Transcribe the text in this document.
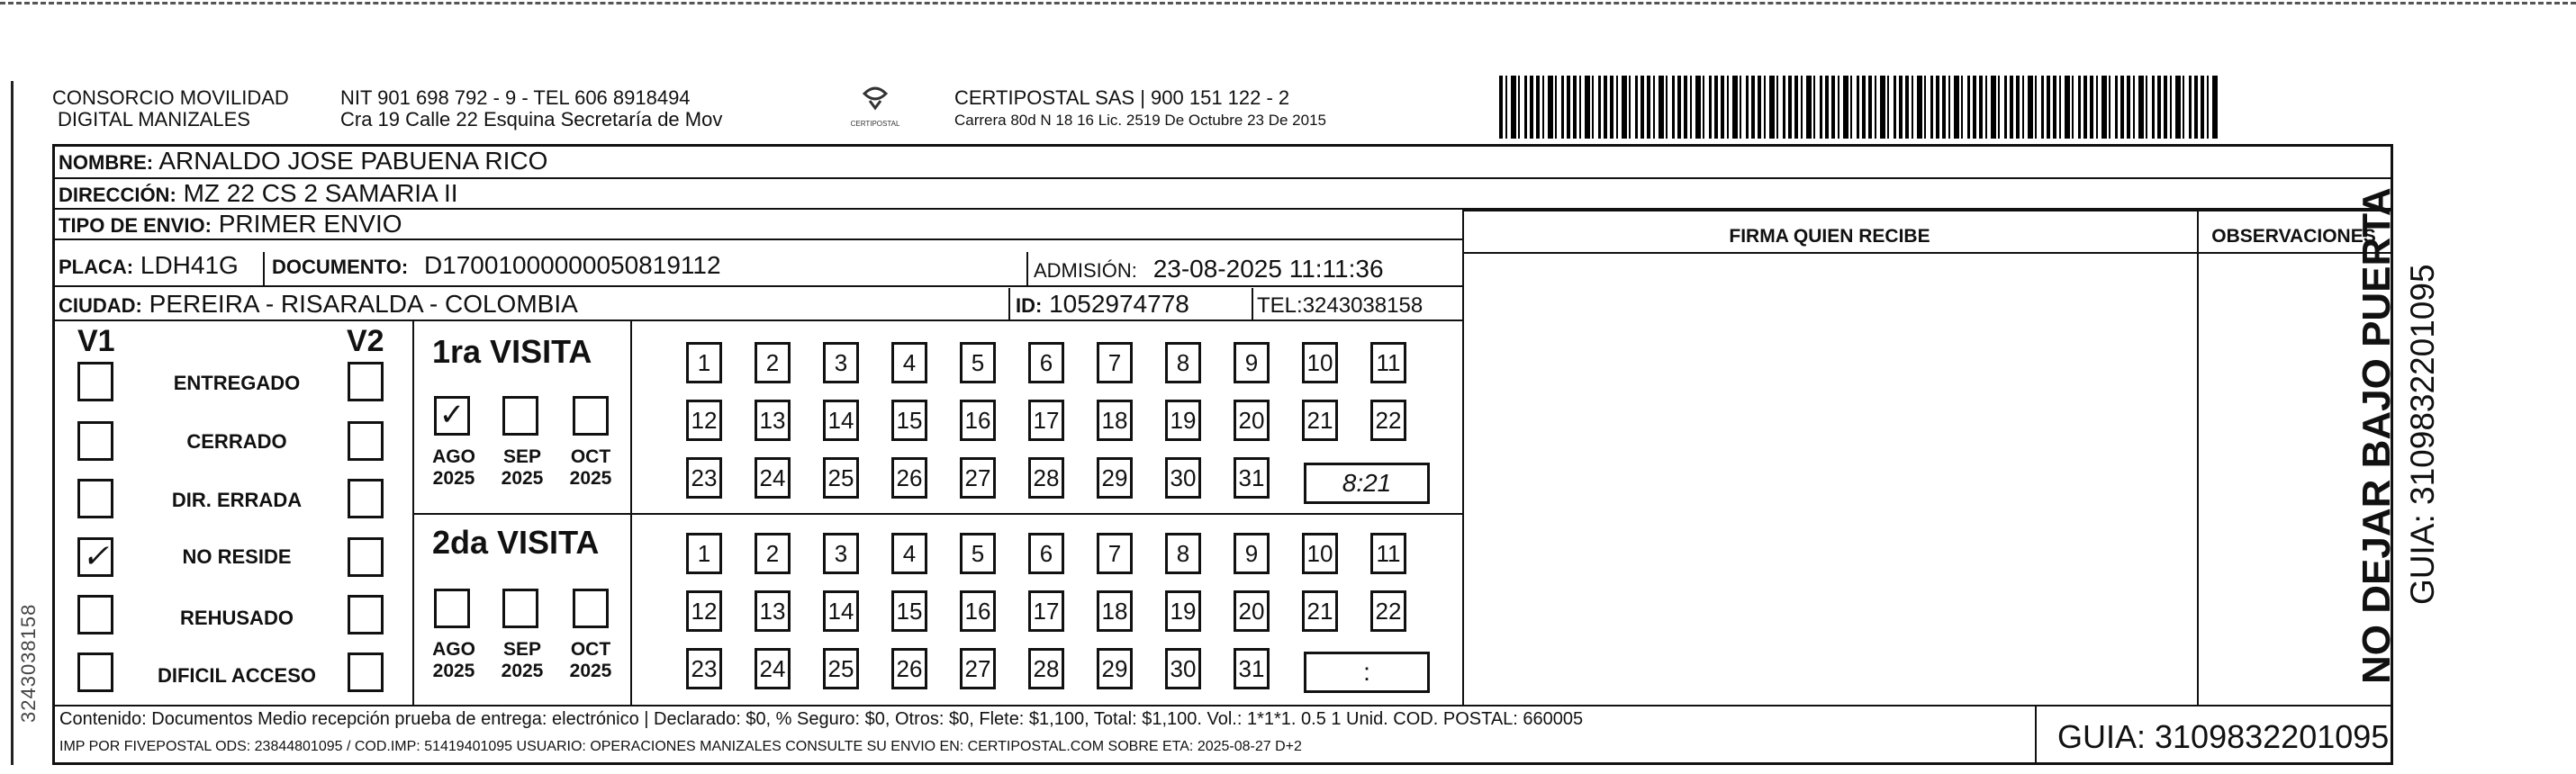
3243038158
CONSORCIO MOVILIDAD
DIGITAL MANIZALES
NIT 901 698 792 - 9 - TEL 606 8918494
Cra 19 Calle 22 Esquina Secretaría de Mov	CERTIPOSTAL
CERTIPOSTAL SAS | 900 151 122 - 2
Carrera 80d N 18 16 Lic. 2519 De Octubre 23 De 2015
NOMBRE: ARNALDO JOSE PABUENA RICO
DIRECCIÓN: MZ 22 CS 2 SAMARIA II
TIPO DE ENVIO: PRIMER ENVIO
PLACA: LDH41G DOCUMENTO: D17001000000050819112	ADMISIÓN: 23-08-2025 11:11:36
CIUDAD: PEREIRA - RISARALDA - COLOMBIA	ID: 1052974778	TEL:3243038158
FIRMA QUIEN RECIBE	OBSERVACIONES
V1	V2
ENTREGADO
CERRADO
DIR. ERRADA
✓	NO RESIDE
REHUSADO
DIFICIL ACCESO
1ra VISITA
✓
AGO
2025
SEP
2025
OCT
2025
1	2	3	4	5	6	7	8	9	10 11
12 13 14 15 16 17 18 19 20 21 22
23 24 25 26 27 28 29 30 31	8:21
2da VISITA
AGO
2025
SEP
2025
OCT
2025
1	2	3	4	5	6	7	8	9	10 11
12 13 14 15 16 17 18 19 20 21 22
23 24 25 26 27 28 29 30 31	:
Contenido: Documentos Medio recepción prueba de entrega: electrónico | Declarado: $0, % Seguro: $0, Otros: $0, Flete: $1,100, Total: $1,100. Vol.: 1*1*1. 0.5 1 Unid. COD. POSTAL: 660005
IMP POR FIVEPOSTAL ODS: 23844801095 / COD.IMP: 51419401095 USUARIO: OPERACIONES MANIZALES CONSULTE SU ENVIO EN: CERTIPOSTAL.COM SOBRE ETA: 2025-08-27 D+2	GUIA: 3109832201095
NO DEJAR BAJO PUERTA GUIA: 3109832201095
